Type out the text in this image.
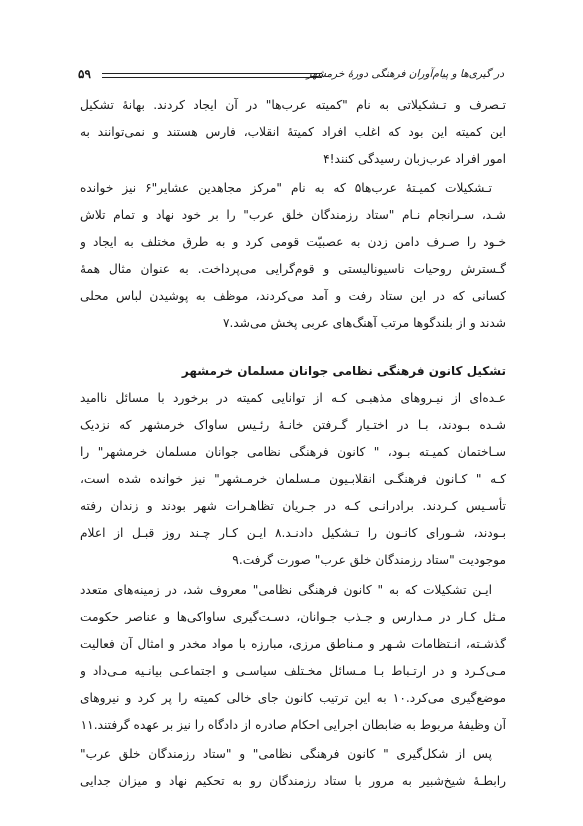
۵۹	در گیری‌ها و پیام‌آوران فرهنگی دورهٔ خرمشهر
تـصرف و تـشکیلاتی به نام "کمیته عرب‌ها" در آن ایجاد کردند. بهانهٔ تشکیل
این کمیته این بود که اغلب افراد کمیتهٔ انقلاب، فارس هستند و نمی‌توانند به
امور افراد عرب‌زبان رسیدگی کنند!۴
تـشکیلات کمیـتهٔ عرب‌ها۵ که به نام "مرکز مجاهدین عشایر"۶ نیز خوانده
شـد، سـرانجام نـام "ستاد رزمندگان خلق عرب" را بر خود نهاد و تمام تلاش
خـود را صـرف دامن زدن به عصبیّت قومی کرد و به طرق مختلف به ایجاد و
گـسترش روحیات ناسیونالیستی و قوم‌گرایی می‌پرداخت. به عنوان مثال همهٔ
کسانی که در این ستاد رفت و آمد می‌کردند، موظف به پوشیدن لباس محلی
شدند و از بلندگوها مرتب آهنگ‌های عربی پخش می‌شد.۷
تشکیل کانون فرهنگی نظامی جوانان مسلمان خرمشهر
عـده‌ای از نیـروهای مذهبـی کـه از توانایی کمیته در برخورد با مسائل ناامید
شـده بـودند، بـا در اختـیار گـرفتن خانـهٔ رئـیس ساواک خرمشهر که نزدیک
سـاختمان کمیـته بـود، " کانون فرهنگی نظامی جوانان مسلمان خرمشهر" را
کـه " کـانون فرهنگـی انقلابـیون مـسلمان خرمـشهر" نیز خوانده شده است،
تأسـیس کـردند. برادرانـی کـه در جـریان تظاهـرات شهر بودند و زندان رفته
بـودند، شـورای کانـون را تـشکیل دادنـد.۸ ایـن کـار چـند روز قبـل از اعلام
موجودیت "ستاد رزمندگان خلق عرب" صورت گرفت.۹
ایـن تشکیلات که به " کانون فرهنگی نظامی" معروف شد، در زمینه‌های متعدد
مـثل کـار در مـدارس و جـذب جـوانان، دسـت‌گیری ساواکی‌ها و عناصر حکومت
گذشـته، انـتظامات شـهر و مـناطق مرزی، مبارزه با مواد مخدر و امثال آن فعالیت
مـی‌کـرد و در ارتـباط بـا مـسائل مخـتلف سیاسـی و اجتماعـی بیانـیه مـی‌داد و
موضع‌گیری می‌کرد.۱۰ به این ترتیب کانون جای خالی کمیته را پر کرد و نیروهای
آن وظیفهٔ مربوط به ضابطان اجرایی احکام صادره از دادگاه را نیز بر عهده گرفتند.۱۱
پس از شکل‌گیری " کانون فرهنگی نظامی" و "ستاد رزمندگان خلق عرب"
رابطـهٔ شیخ‌شبیر به مرور با ستاد رزمندگان رو به تحکیم نهاد و میزان جدایی
